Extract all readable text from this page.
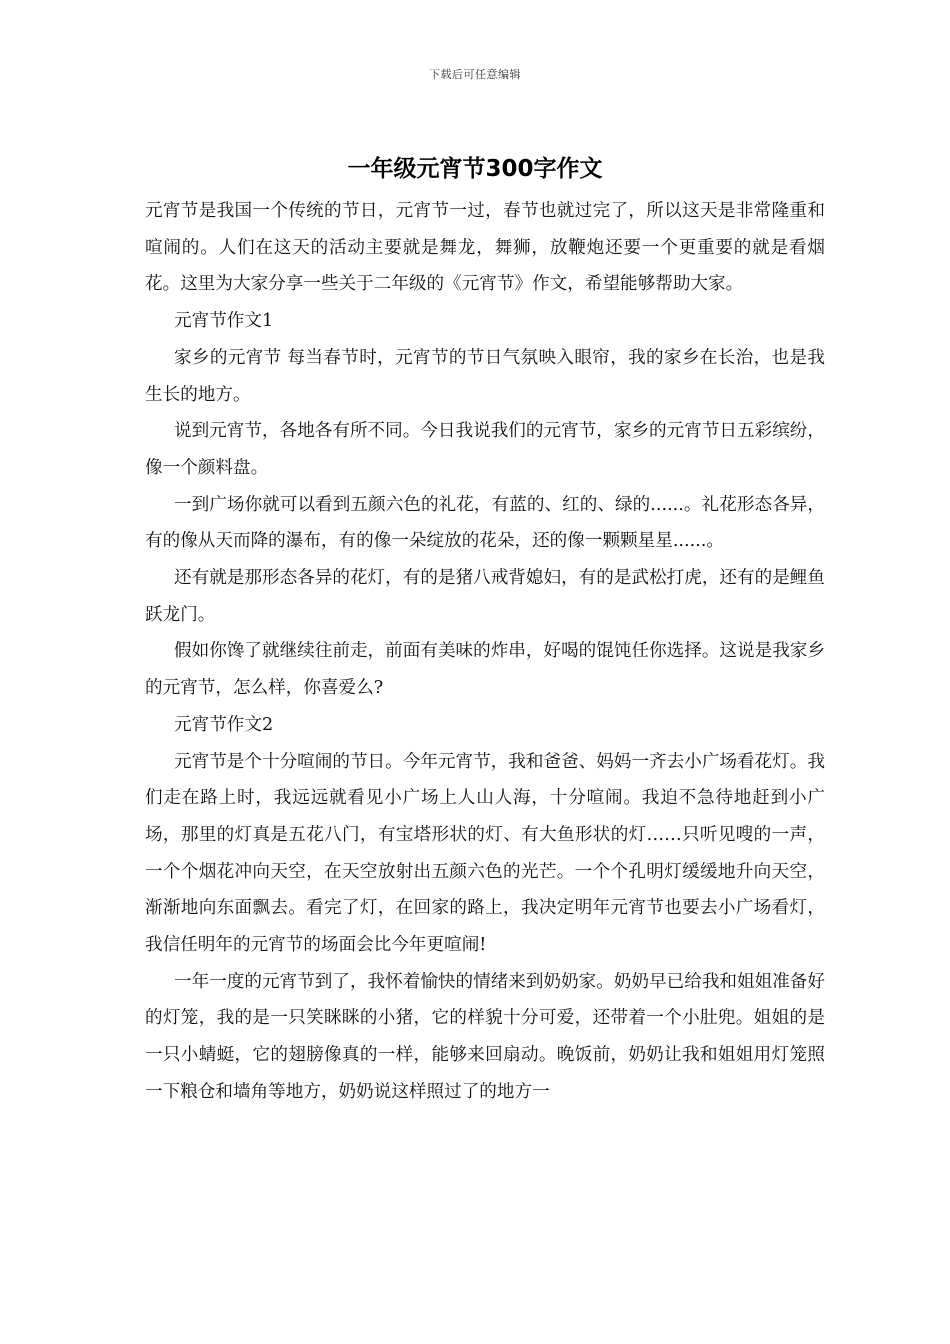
下载后可任意编辑
一年级元宵节300字作文

元宵节是我国一个传统的节日，元宵节一过，春节也就过完了，所以这天是非常隆重和喧闹的。人们在这天的活动主要就是舞龙，舞狮，放鞭炮还要一个更重要的就是看烟花。这里为大家分享一些关于二年级的《元宵节》作文，希望能够帮助大家。

元宵节作文1

家乡的元宵节 每当春节时，元宵节的节日气氛映入眼帘，我的家乡在长治，也是我生长的地方。

说到元宵节，各地各有所不同。今日我说我们的元宵节，家乡的元宵节日五彩缤纷，像一个颜料盘。

一到广场你就可以看到五颜六色的礼花，有蓝的、红的、绿的......。礼花形态各异，有的像从天而降的瀑布，有的像一朵绽放的花朵，还的像一颗颗星星......。

还有就是那形态各异的花灯，有的是猪八戒背媳妇，有的是武松打虎，还有的是鲤鱼跃龙门。

假如你馋了就继续往前走，前面有美味的炸串，好喝的馄饨任你选择。这说是我家乡的元宵节，怎么样，你喜爱么?

元宵节作文2

元宵节是个十分喧闹的节日。今年元宵节，我和爸爸、妈妈一齐去小广场看花灯。我们走在路上时，我远远就看见小广场上人山人海，十分喧闹。我迫不急待地赶到小广场，那里的灯真是五花八门，有宝塔形状的灯、有大鱼形状的灯……只听见嗖的一声，一个个烟花冲向天空，在天空放射出五颜六色的光芒。一个个孔明灯缓缓地升向天空，渐渐地向东面飘去。看完了灯，在回家的路上，我决定明年元宵节也要去小广场看灯，我信任明年的元宵节的场面会比今年更喧闹!

一年一度的元宵节到了，我怀着愉快的情绪来到奶奶家。奶奶早已给我和姐姐准备好的灯笼，我的是一只笑眯眯的小猪，它的样貌十分可爱，还带着一个小肚兜。姐姐的是一只小蜻蜓，它的翅膀像真的一样，能够来回扇动。晚饭前，奶奶让我和姐姐用灯笼照一下粮仓和墙角等地方，奶奶说这样照过了的地方一
